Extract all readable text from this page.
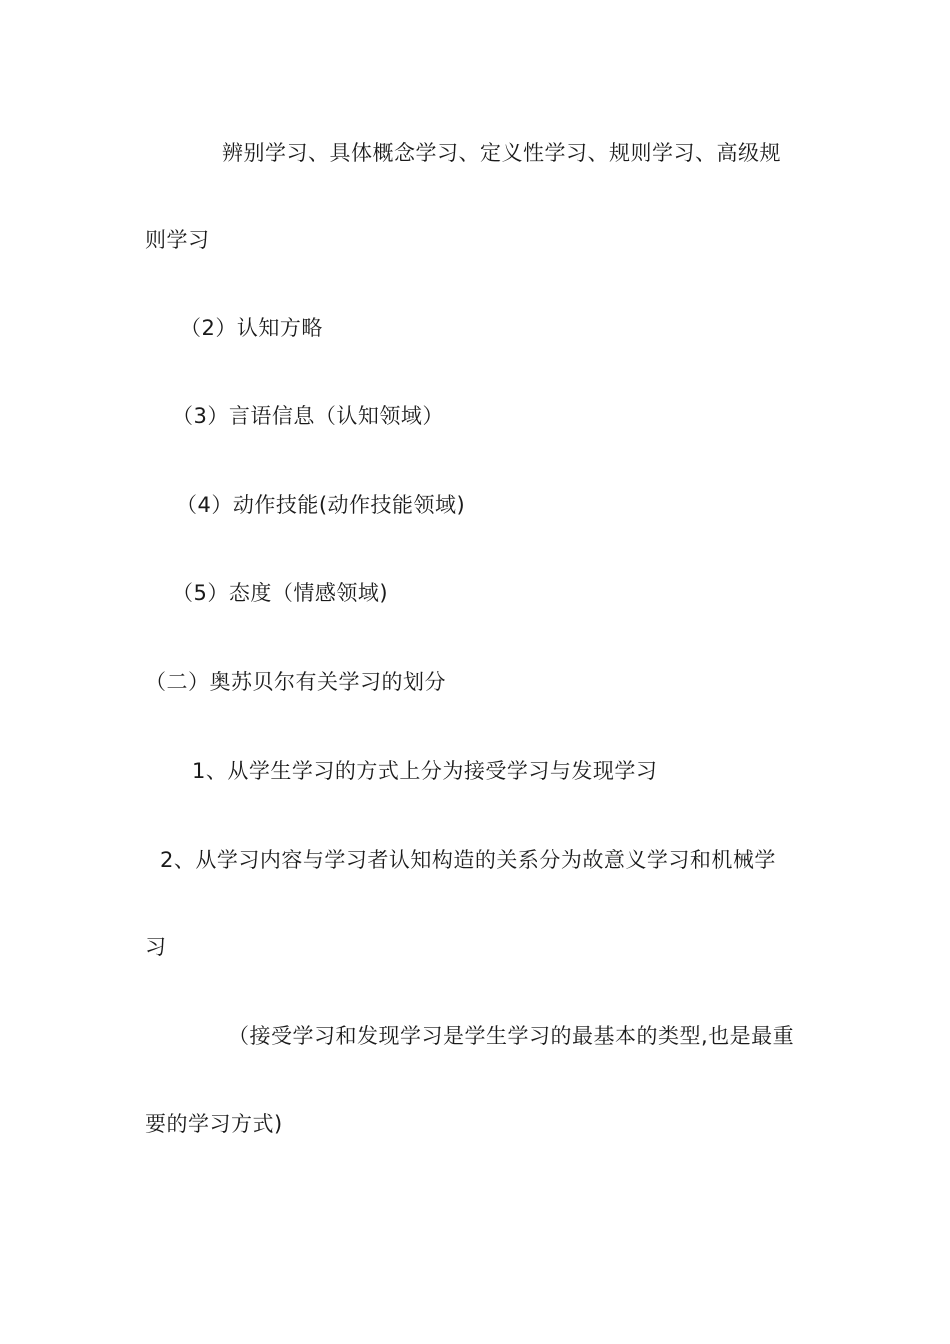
辨别学习、具体概念学习、定义性学习、规则学习、高级规
则学习
（2）认知方略
（3）言语信息（认知领域）
（4）动作技能(动作技能领域)
（5）态度（情感领域)
（二）奥苏贝尔有关学习的划分
1、从学生学习的方式上分为接受学习与发现学习
2、从学习内容与学习者认知构造的关系分为故意义学习和机械学
习
（接受学习和发现学习是学生学习的最基本的类型,也是最重
要的学习方式)
